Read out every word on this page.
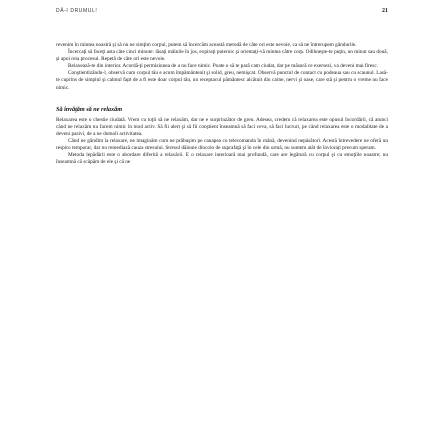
DĂ-I DRUMUL!	21

revenim în mintea noastră şi să nu ne simţim corpul, putem să încercăm această metodă de câte ori este nevoie, ca să ne întrerupem gândurile.

Încercaţi să faceţi asta câte cinci minute: lăsaţi mâinile în jos, expiraţi puternic şi orientaţi-vă mintea către corp. Odihneşte-te puţin, un minut sau două, şi apoi reia procesul. Repetă de câte ori este nevoie.

Relaxează-te din interior. Acordă-ţi permisiunea de a nu face nimic. Poate o să te pară cam ciudat, dar pe măsură ce exersezi, va deveni mai firesc.

Conştientizându-l, observă cum corpul tău e acum împământenit şi solid, greu, nemişcat. Observă punctul de contact cu podeaua sau cu scaunul. Lasă-te cuprins de simplul şi calmul fapt de a fi este doar corpul tău, un receptacul pământesc alcătuit din carne, nervi şi oase, care stă şi pentru o vreme nu face nimic.

Să învăţăm să ne relaxăm

Relaxarea este o chestie ciudată. Vrem cu toţii să ne relaxăm, dar ne e surprinzător de greu. Adesea, credem că relaxarea este opusul încordării, că atunci când ne relaxăm nu facem nimic în mod activ. Să fii alert şi să fii conştient înseamnă să faci ceva, să faci lucruri, pe când relaxarea este o modalitate de a deveni pasivi, de a ne domoli activitatea.

Când ne gândim la relaxare, ne imaginăm cum ne prăbuşim pe canapea cu telecomanda în mână, devenind nepăsători. Acestă întrevedere ne oferă un respiro temporar, dar nu remediază cauza stresului. Stresul dăinuie dincolo de suprafaţă şi în cele din urmă, nu suntem atât de înviorați precum speram.

Metoda lepădării este o abordare diferită a relaxării. E o relaxare interioară mai profundă, care are legătură cu corpul şi cu emoţiile noastre; nu înseamnă că scăpăm de ele şi că ne
